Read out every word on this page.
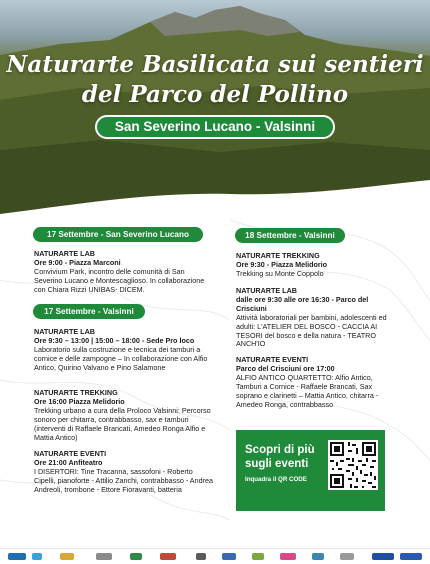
Naturarte Basilicata sui sentieri
del Parco del Pollino
San Severino Lucano - Valsinni
17 Settembre - San Severino Lucano
NATURARTE LAB
Ore 9:00 - Piazza Marconi
Convivium Park, incontro delle comunità di San Severino Lucano e Montescaglioso. In collaborazione con Chiara Rizzi UNIBAS- DICEM.
17 Settembre - Valsinni
NATURARTE LAB
Ore 9:30 – 13:00 | 15:00 – 18:00 - Sede Pro loco
Laboratorio sulla costruzione e tecnica dei tamburi a cornice e delle zampogne – In collaborazione con Alfio Antico, Quirino Valvano e Pino Salamone
NATURARTE TREKKING
Ore 16:00 Piazza Melidorio
Trekking urbano a cura della Proloco Valsinni: Percorso sonoro per chitarra, contrabbasso, sax e tamburi (interventi di Raffaele Brancati, Amedeo Ronga Alfio e Mattia Antico)
NATURARTE EVENTI
Ore 21:00 Anfiteatro
I DISERTORI: Tine Tracanna, sassofoni - Roberto Cipelli, pianoforte - Attilio Zanchi, contrabbasso - Andrea Andreoli, trombone - Ettore Fioravanti, batteria
18 Settembre - Valsinni
NATURARTE TREKKING
Ore 9:30 - Piazza Melidorio
Trekking su Monte Coppolo
NATURARTE LAB
dalle ore 9:30 alle ore 16:30 - Parco del Crisciuni
Attività laboratoriali per bambini, adolescenti ed adulti: L'ATELIER DEL BOSCO - CACCIA AI TESORI del bosco e della natura - TEATRO ANCH'IO
NATURARTE EVENTI
Parco del Crisciuni ore 17:00
ALFIO ANTICO QUARTETTO: Alfio Antico, Tamburi a Cornice - Raffaele Brancati, Sax soprano e clarinetti – Mattia Antico, chitarra - Amedeo Ronga, contrabbasso
Scopri di più sugli eventi
Inquadra il QR CODE
